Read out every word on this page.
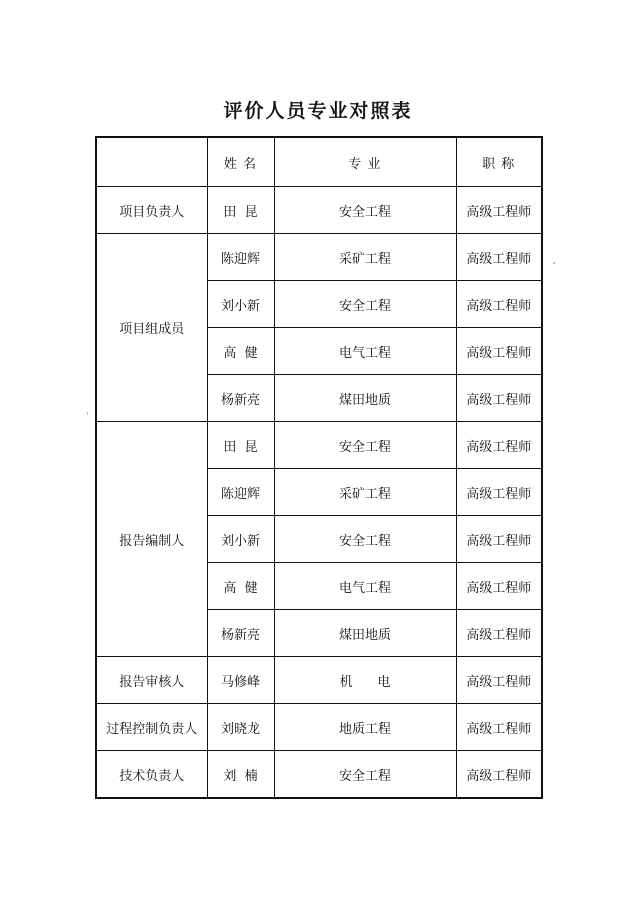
评价人员专业对照表
	姓 名	专 业	职 称
项目负责人	田  昆	安全工程	高级工程师
项目组成员	陈迎辉	采矿工程	高级工程师
	刘小新	安全工程	高级工程师
	高  健	电气工程	高级工程师
	杨新亮	煤田地质	高级工程师
报告编制人	田  昆	安全工程	高级工程师
	陈迎辉	采矿工程	高级工程师
	刘小新	安全工程	高级工程师
	高  健	电气工程	高级工程师
	杨新亮	煤田地质	高级工程师
报告审核人	马修峰	机      电	高级工程师
过程控制负责人	刘晓龙	地质工程	高级工程师
技术负责人	刘  楠	安全工程	高级工程师
